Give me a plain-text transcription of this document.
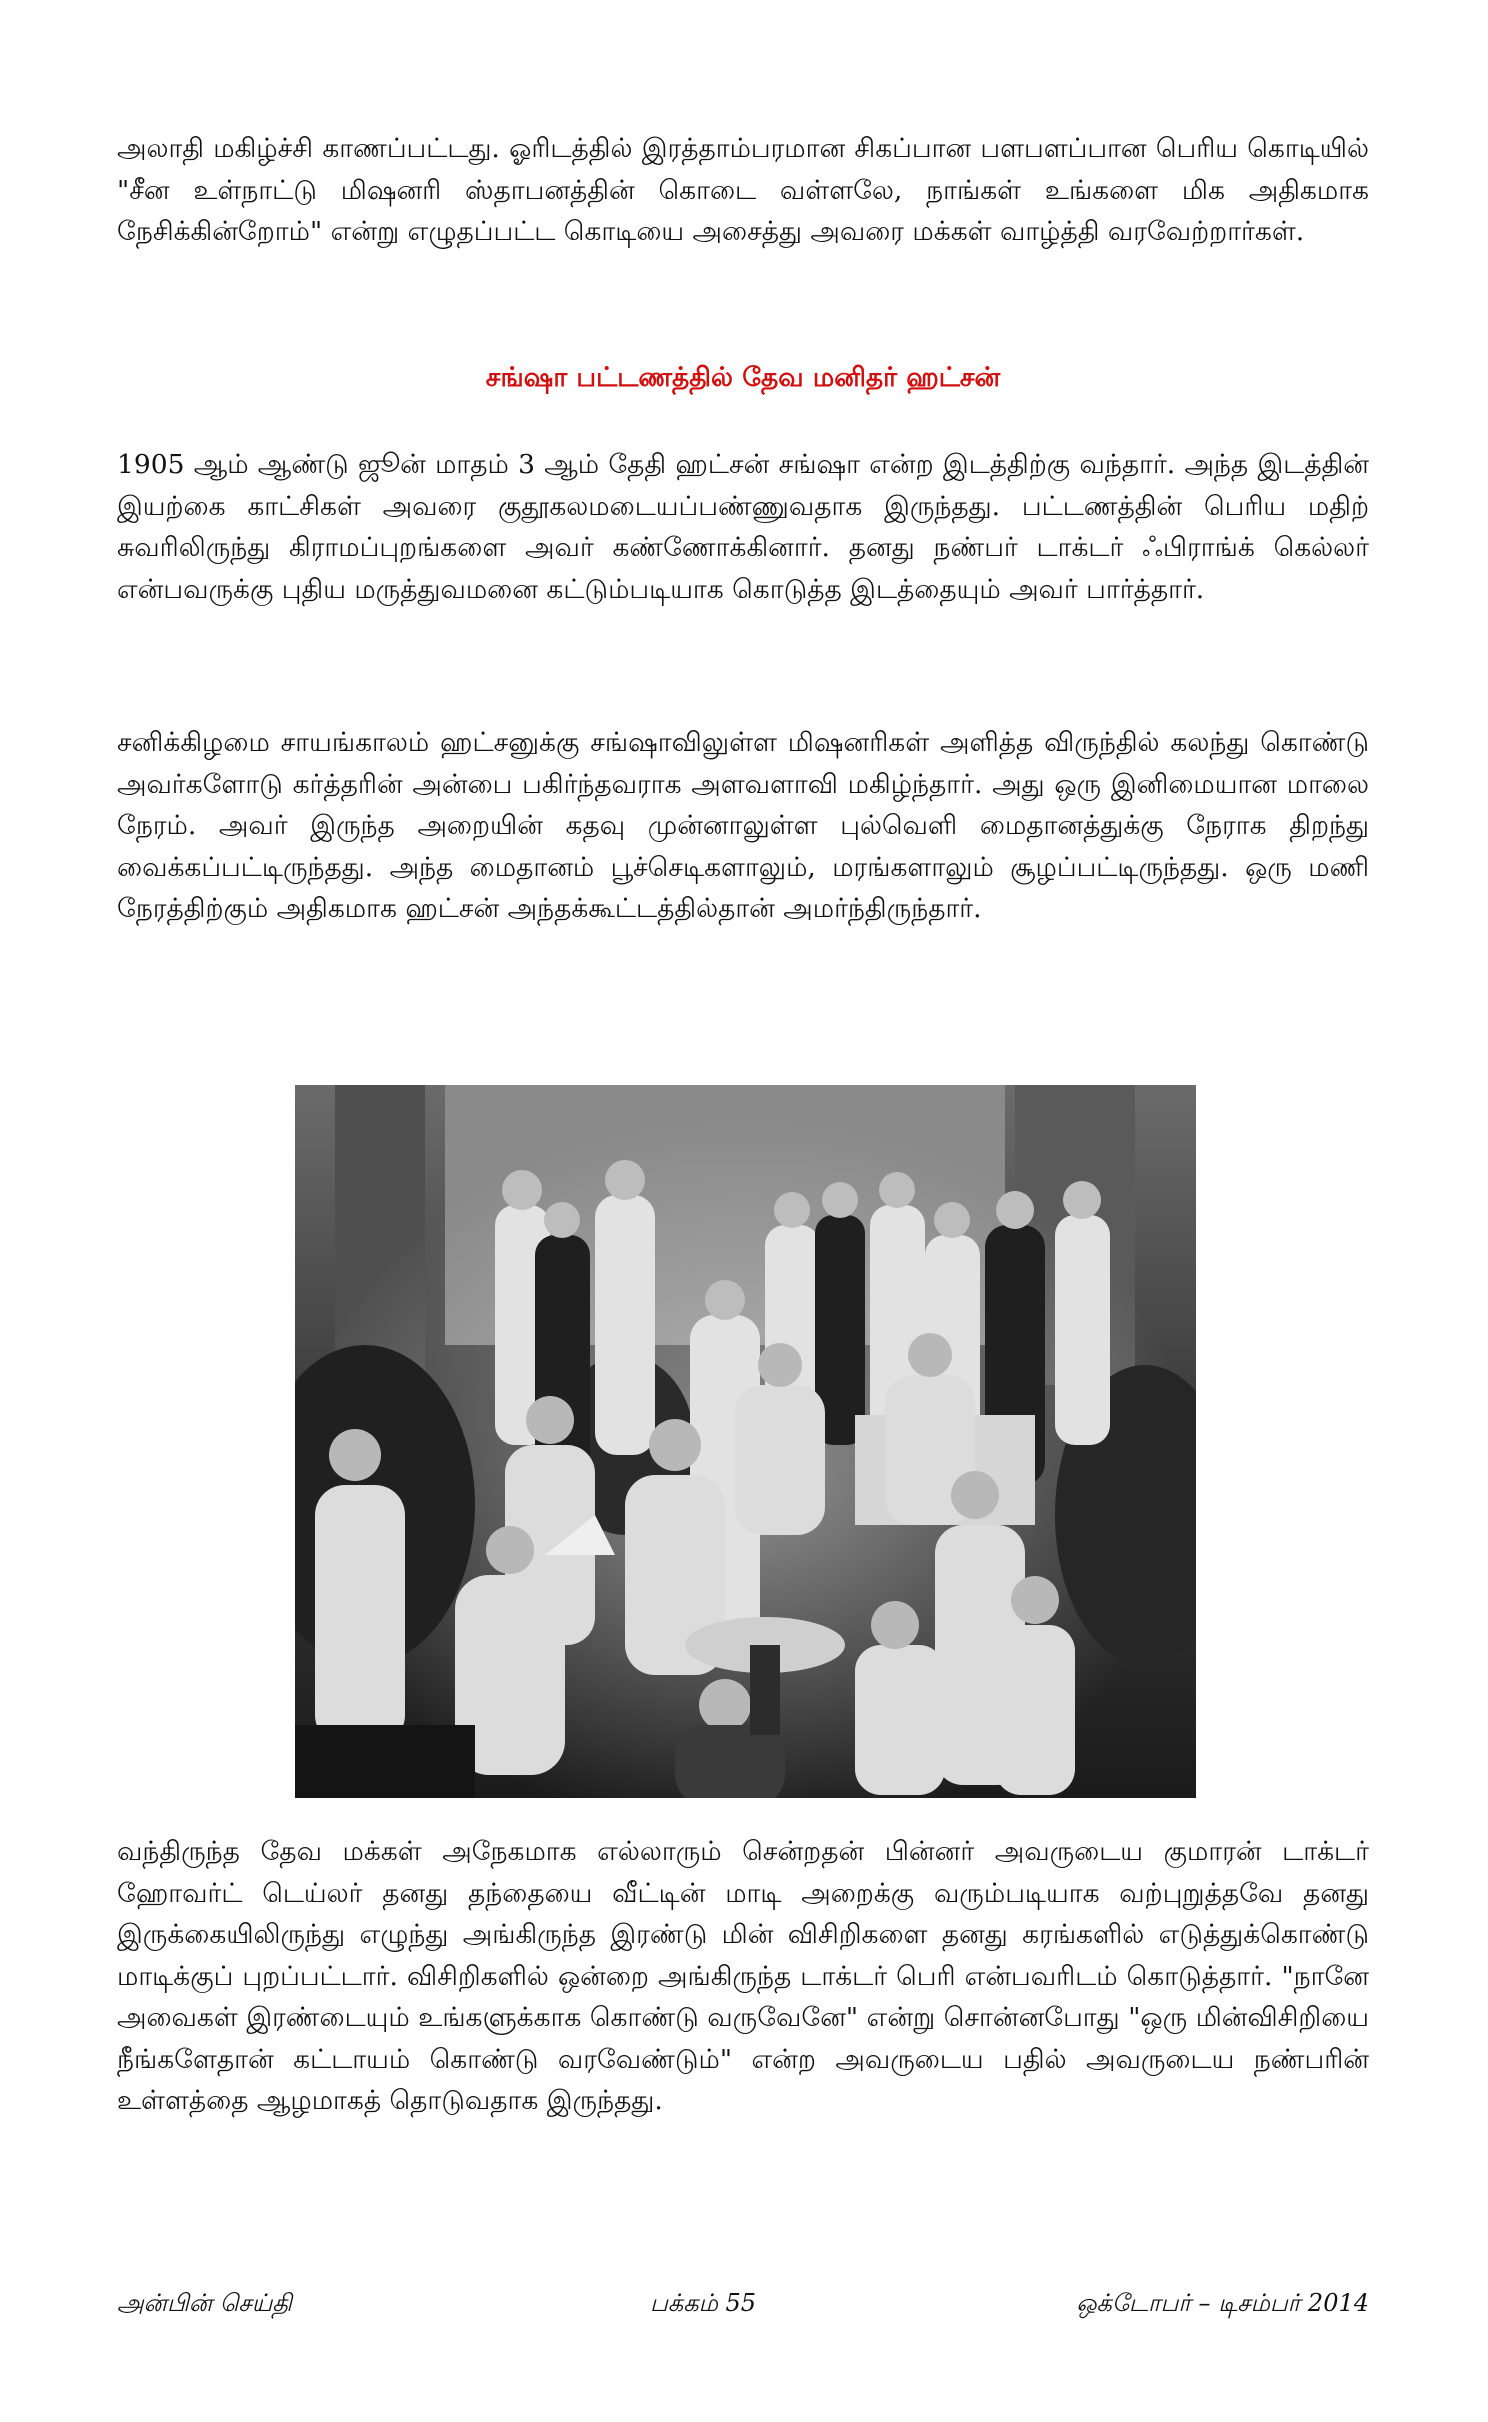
அலாதி மகிழ்ச்சி காணப்பட்டது. ஓரிடத்தில் இரத்தாம்பரமான சிகப்பான பளபளப்பான பெரிய கொடியில் "சீன உள்நாட்டு மிஷனரி ஸ்தாபனத்தின் கொடை வள்ளலே, நாங்கள் உங்களை மிக அதிகமாக நேசிக்கின்றோம்" என்று எழுதப்பட்ட கொடியை அசைத்து அவரை மக்கள் வாழ்த்தி வரவேற்றார்கள்.

சங்ஷா பட்டணத்தில் தேவ மனிதர் ஹட்சன்

1905 ஆம் ஆண்டு ஜூன் மாதம் 3 ஆம் தேதி ஹட்சன் சங்ஷா என்ற இடத்திற்கு வந்தார். அந்த இடத்தின் இயற்கை காட்சிகள் அவரை குதூகலமடையப்பண்ணுவதாக இருந்தது. பட்டணத்தின் பெரிய மதிற் சுவரிலிருந்து கிராமப்புறங்களை அவர் கண்ணோக்கினார். தனது நண்பர் டாக்டர் ஃபிராங்க் கெல்லர் என்பவருக்கு புதிய மருத்துவமனை கட்டும்படியாக கொடுத்த இடத்தையும் அவர் பார்த்தார்.

சனிக்கிழமை சாயங்காலம் ஹட்சனுக்கு சங்ஷாவிலுள்ள மிஷனரிகள் அளித்த விருந்தில் கலந்து கொண்டு அவர்களோடு கர்த்தரின் அன்பை பகிர்ந்தவராக அளவளாவி மகிழ்ந்தார். அது ஒரு இனிமையான மாலை நேரம். அவர் இருந்த அறையின் கதவு முன்னாலுள்ள புல்வெளி மைதானத்துக்கு நேராக திறந்து வைக்கப்பட்டிருந்தது. அந்த மைதானம் பூச்செடிகளாலும், மரங்களாலும் சூழப்பட்டிருந்தது. ஒரு மணி நேரத்திற்கும் அதிகமாக ஹட்சன் அந்தக்கூட்டத்தில்தான் அமர்ந்திருந்தார்.

வந்திருந்த தேவ மக்கள் அநேகமாக எல்லாரும் சென்றதன் பின்னர் அவருடைய குமாரன் டாக்டர் ஹோவர்ட் டெய்லர் தனது தந்தையை வீட்டின் மாடி அறைக்கு வரும்படியாக வற்புறுத்தவே தனது இருக்கையிலிருந்து எழுந்து அங்கிருந்த இரண்டு மின் விசிறிகளை தனது கரங்களில் எடுத்துக்கொண்டு மாடிக்குப் புறப்பட்டார். விசிறிகளில் ஒன்றை அங்கிருந்த டாக்டர் பெரி என்பவரிடம் கொடுத்தார். "நானே அவைகள் இரண்டையும் உங்களுக்காக கொண்டு வருவேனே" என்று சொன்னபோது "ஒரு மின்விசிறியை நீங்களேதான் கட்டாயம் கொண்டு வரவேண்டும்" என்ற அவருடைய பதில் அவருடைய நண்பரின் உள்ளத்தை ஆழமாகத் தொடுவதாக இருந்தது.

அன்பின் செய்தி	பக்கம் 55	ஒக்டோபர் – டிசம்பர் 2014
